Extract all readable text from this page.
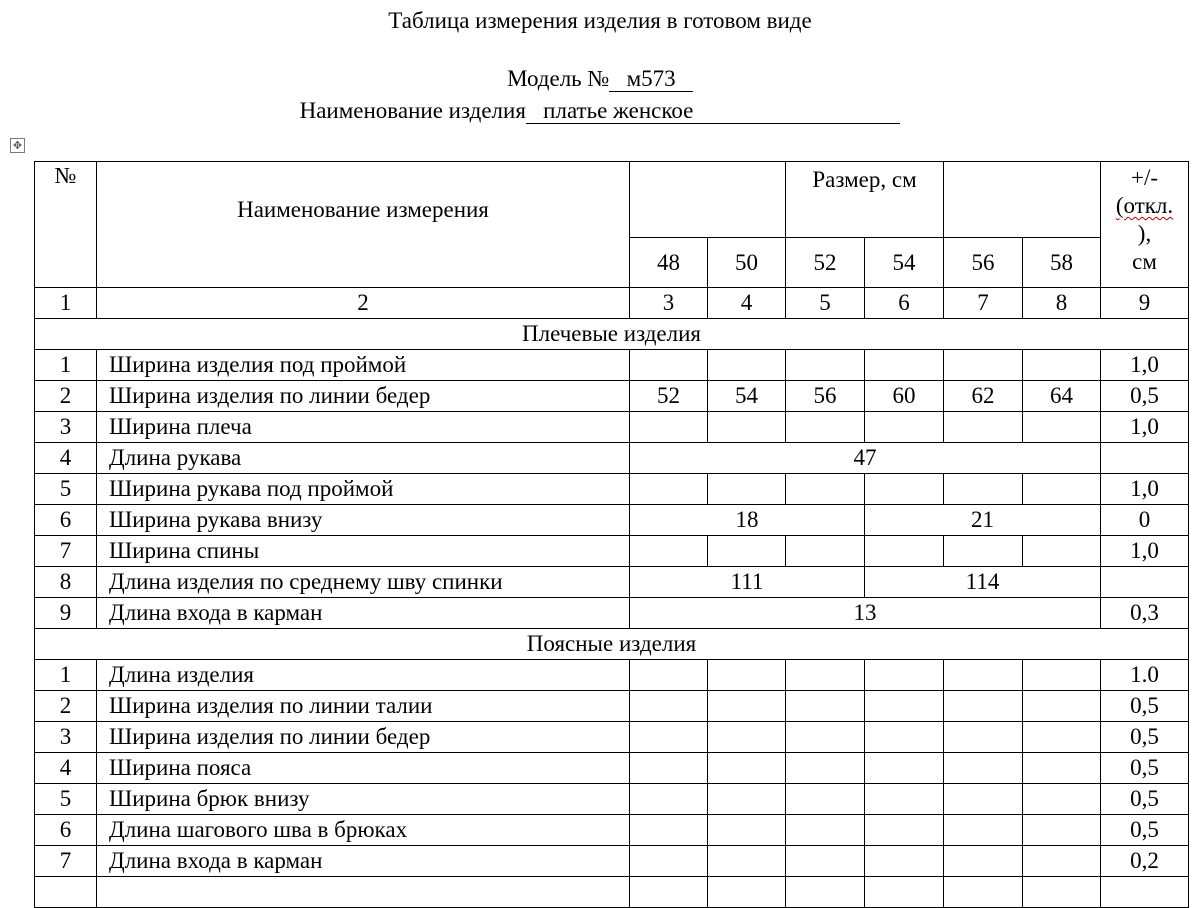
Таблица измерения изделия в готовом виде
Модель № м573
Наименование изделия платье женское
✥
№	Наименование измерения			Размер, см				+/-
(откл.
),
см

		48	50	52	54	56	58	
1	2	3	4	5	6	7	8	9
Плечевые изделия								
1	Ширина изделия под проймой							1,0
2	Ширина изделия по линии бедер	52	54	56	60	62	64	0,5
3	Ширина плеча							1,0
4	Длина рукава	47						
5	Ширина рукава под проймой							1,0
6	Ширина рукава внизу	18			21			0
7	Ширина спины							1,0
8	Длина изделия по среднему шву спинки	111			114			
9	Длина входа в карман	13						0,3
Поясные изделия								
1	Длина изделия							1.0
2	Ширина изделия по линии талии							0,5
3	Ширина изделия по линии бедер							0,5
4	Ширина пояса							0,5
5	Ширина брюк внизу							0,5
6	Длина шагового шва в брюках							0,5
7	Длина входа в карман							0,2
